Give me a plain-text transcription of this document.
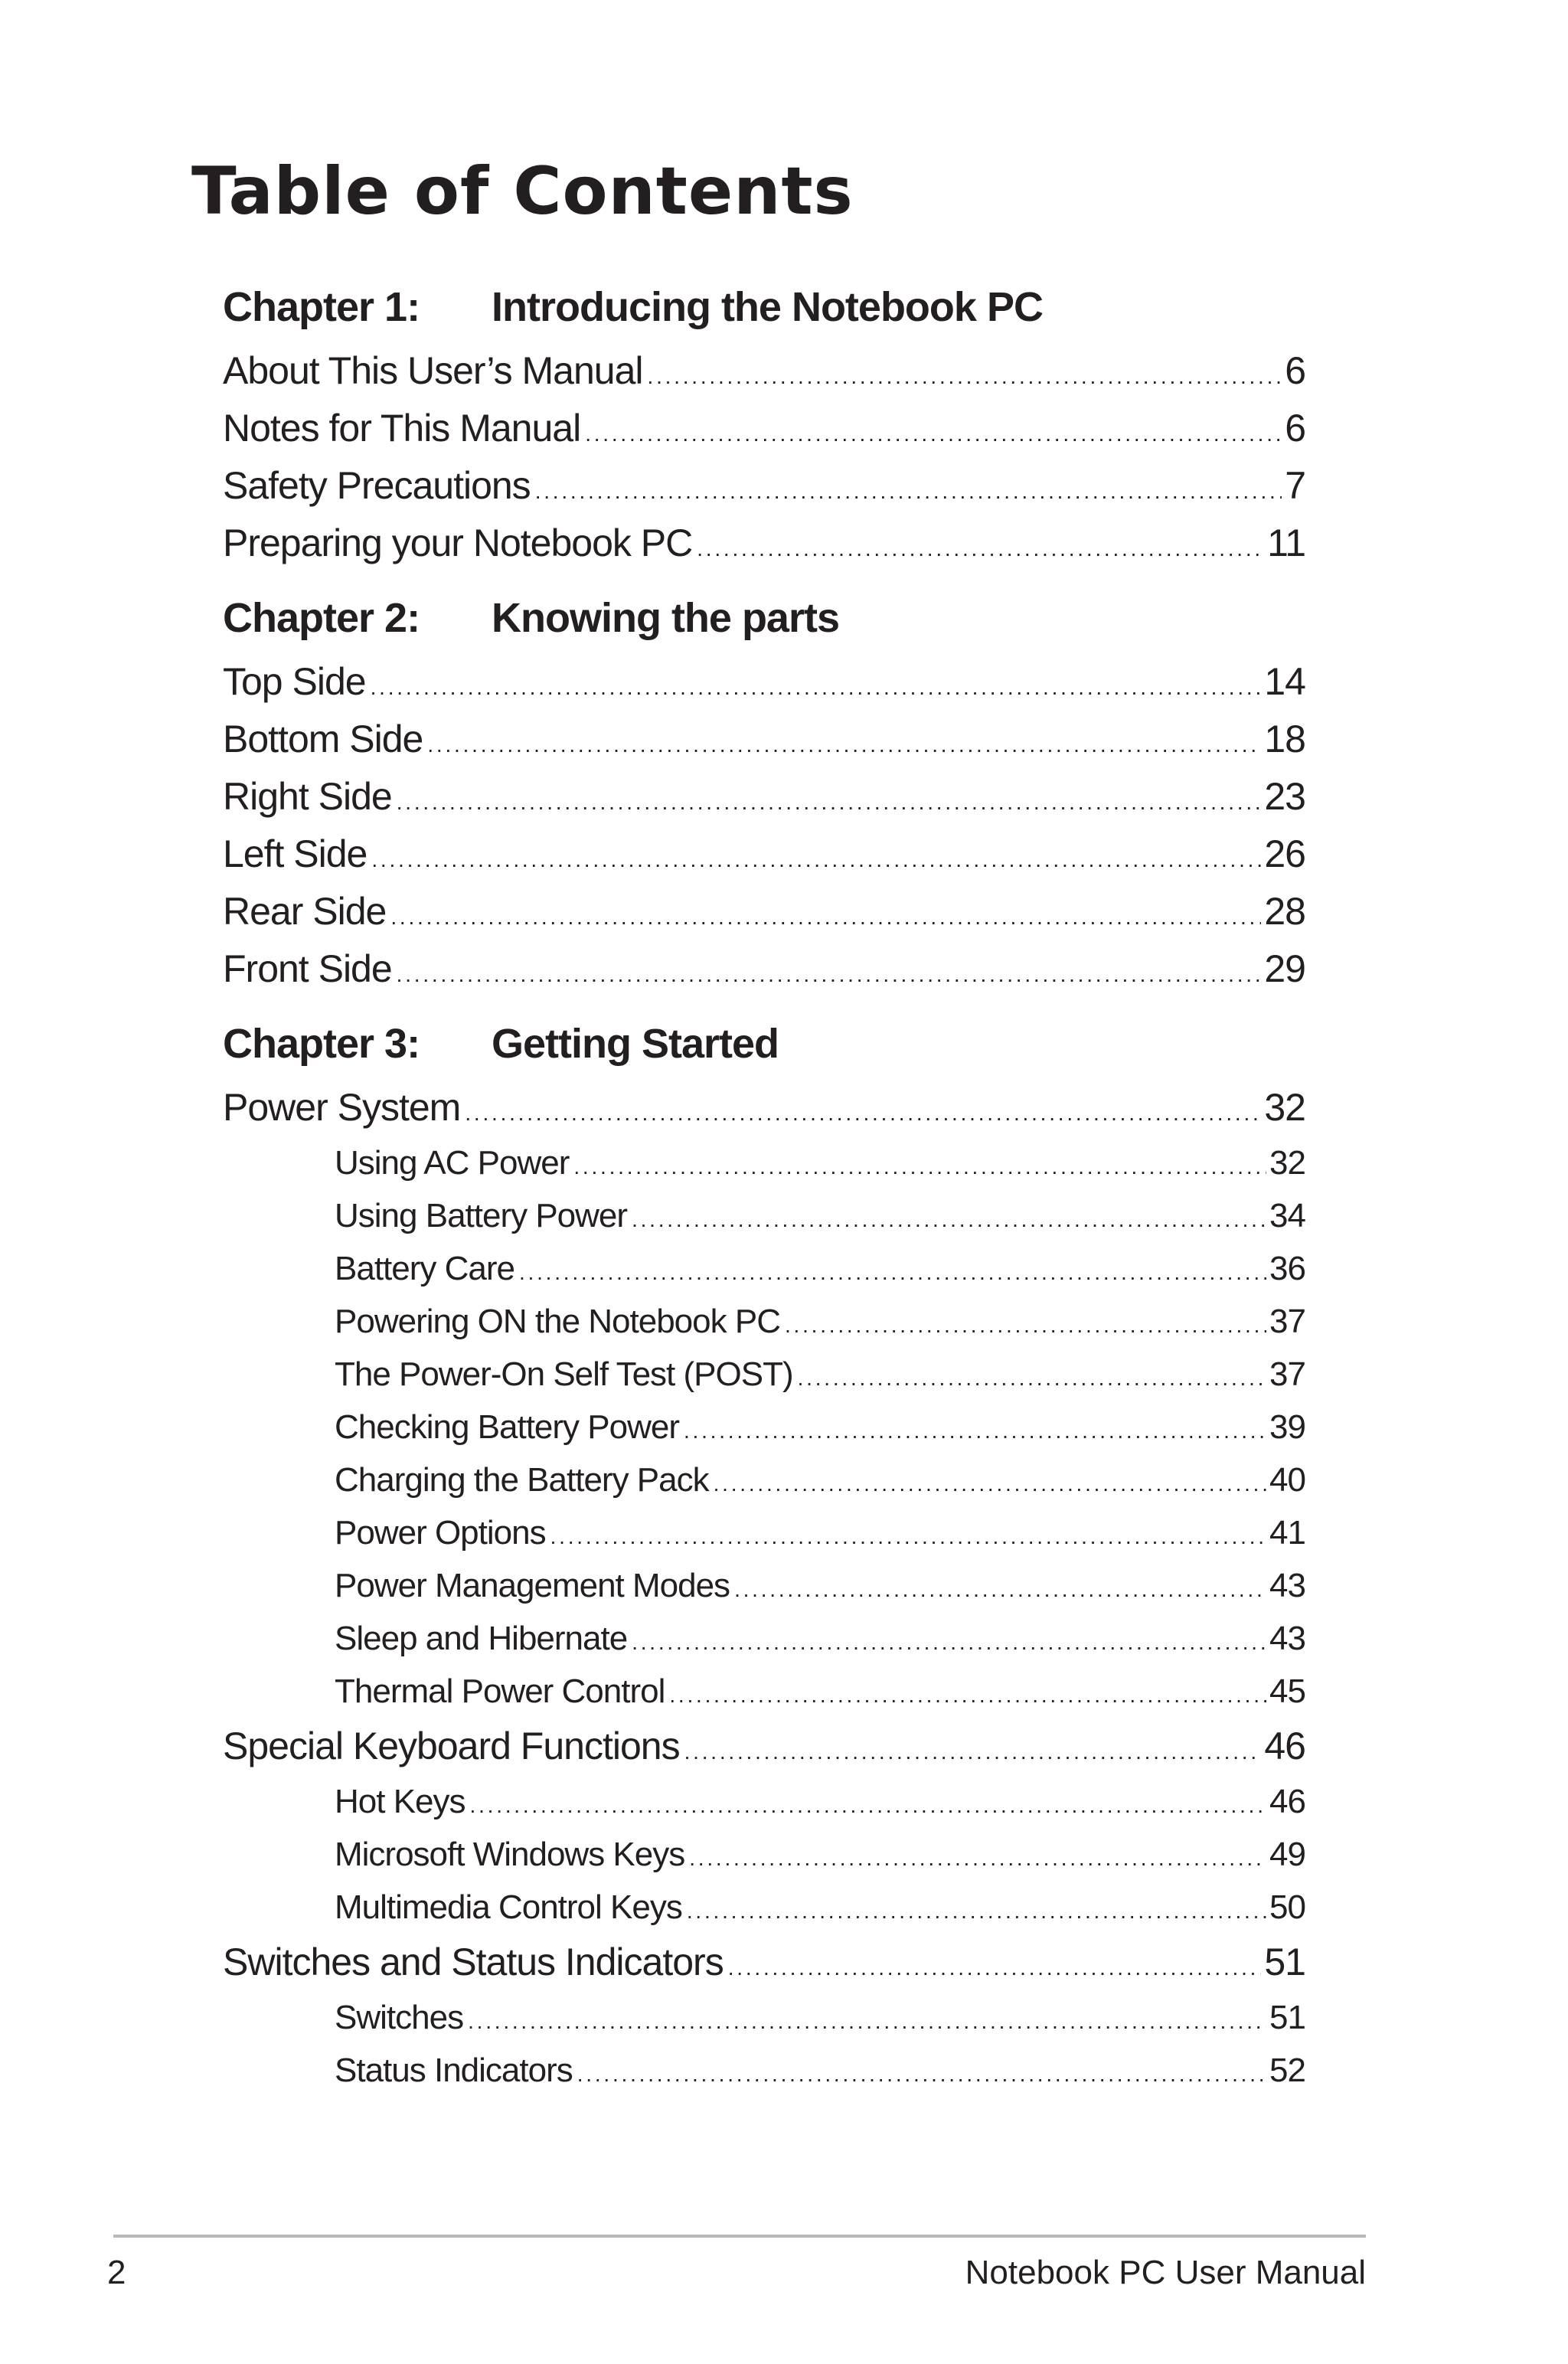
Table of Contents
Chapter 1:	Introducing the Notebook PC
About This User’s Manual . . .	6
Notes for This Manual . . .	6
Safety Precautions . . .	7
Preparing your Notebook PC . . .	11
Chapter 2:	Knowing the parts
Top Side . . .	14
Bottom Side . . .	18
Right Side . . .	23
Left Side . . .	26
Rear Side . . .	28
Front Side . . .	29
Chapter 3:	Getting Started
Power System . . .	32
Using AC Power . . .	32
Using Battery Power . . .	34
Battery Care . . .	36
Powering ON the Notebook PC . . .	37
The Power-On Self Test (POST) . . .	37
Checking Battery Power . . .	39
Charging the Battery Pack . . .	40
Power Options . . .	41
Power Management Modes . . .	43
Sleep and Hibernate . . .	43
Thermal Power Control . . .	45
Special Keyboard Functions . . .	46
Hot Keys . . .	46
Microsoft Windows Keys . . .	49
Multimedia Control Keys . . .	50
Switches and Status Indicators . . .	51
Switches . . .	51
Status Indicators . . .	52
2	Notebook PC User Manual
